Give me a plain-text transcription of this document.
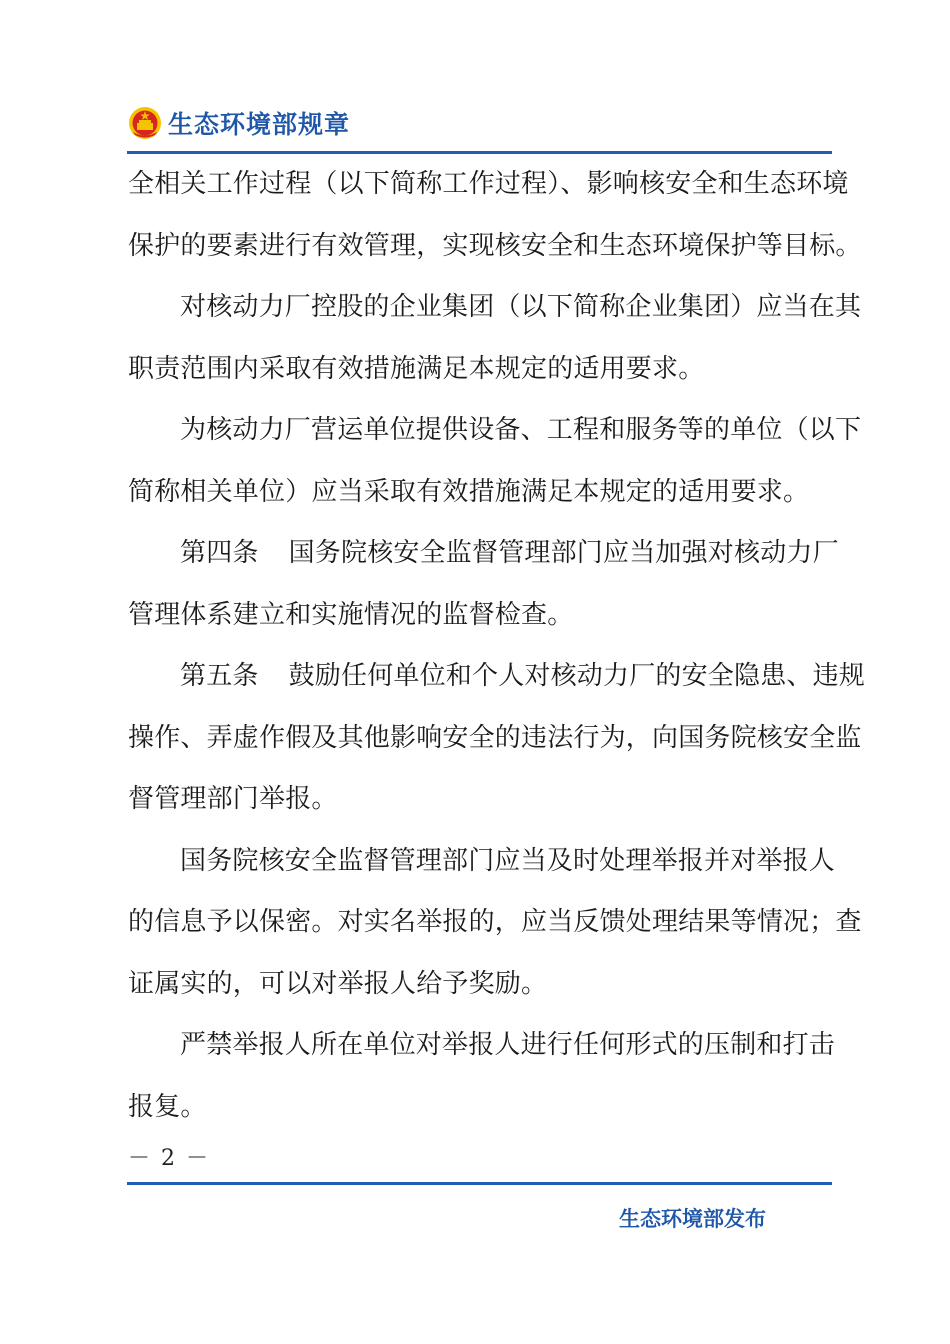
生态环境部规章
全相关工作过程（以下简称工作过程）、影响核安全和生态环境
保护的要素进行有效管理，实现核安全和生态环境保护等目标。
对核动力厂控股的企业集团（以下简称企业集团）应当在其
职责范围内采取有效措施满足本规定的适用要求。
为核动力厂营运单位提供设备、工程和服务等的单位（以下
简称相关单位）应当采取有效措施满足本规定的适用要求。
第四条 国务院核安全监督管理部门应当加强对核动力厂
管理体系建立和实施情况的监督检查。
第五条 鼓励任何单位和个人对核动力厂的安全隐患、违规
操作、弄虚作假及其他影响安全的违法行为，向国务院核安全监
督管理部门举报。
国务院核安全监督管理部门应当及时处理举报并对举报人
的信息予以保密。对实名举报的，应当反馈处理结果等情况；查
证属实的，可以对举报人给予奖励。
严禁举报人所在单位对举报人进行任何形式的压制和打击
报复。
－ 2 －
生态环境部发布
